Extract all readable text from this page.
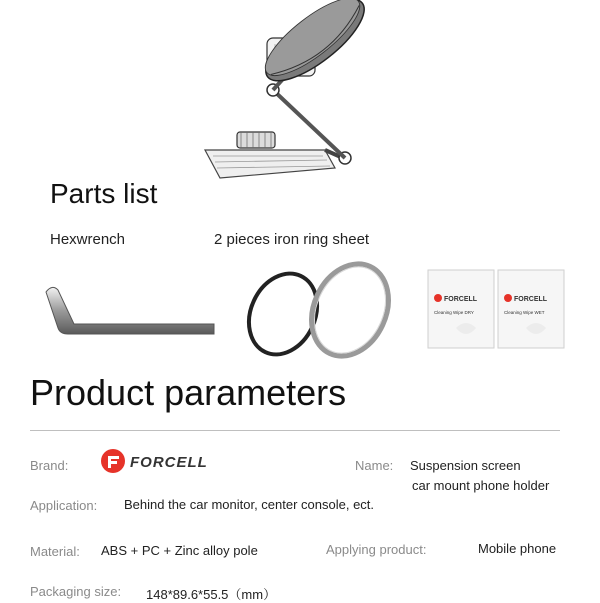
Parts list
Hexwrench	2 pieces iron ring sheet
FORCELL
Cleaning Wipe DRY
FORCELL
Cleaning Wipe WET
Product parameters
Brand:	FORCELL	Name: Suspension screen
car mount phone holder
Application: Behind the car monitor, center console, ect.
Material: ABS + PC + Zinc alloy pole	Applying product:	Mobile phone
Packaging size: 148*89.6*55.5（mm）
